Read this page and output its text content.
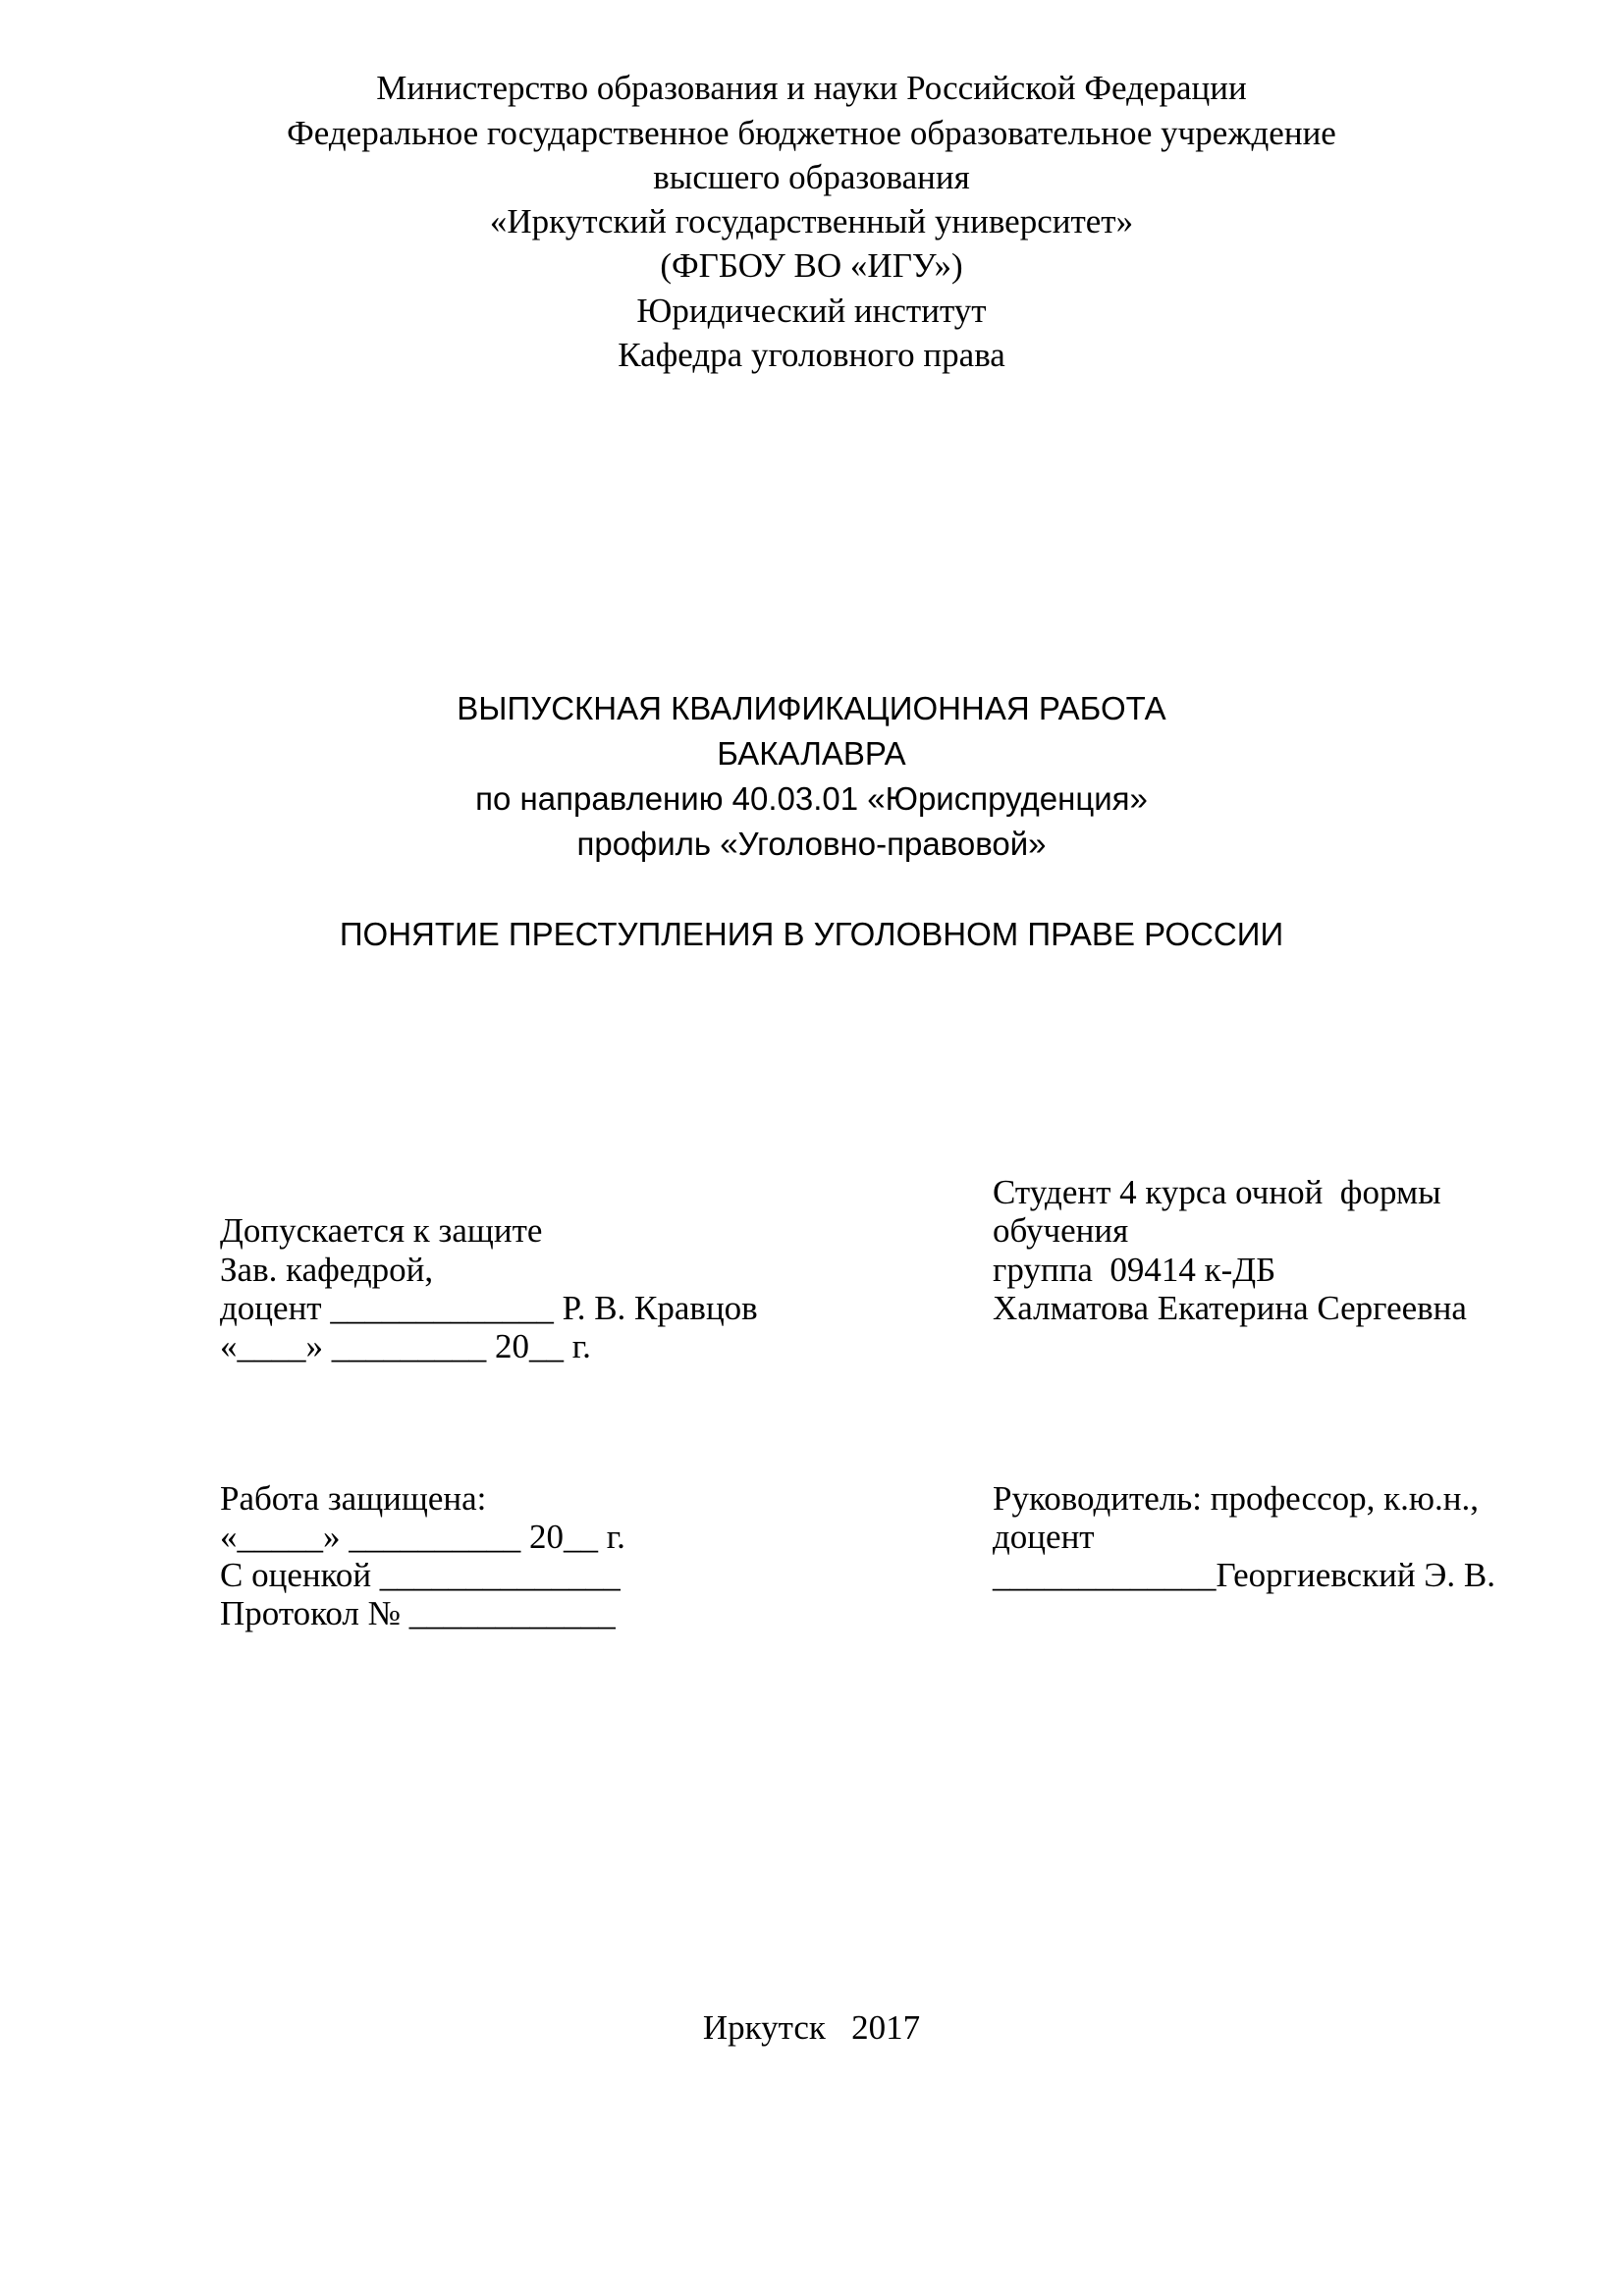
Министерство образования и науки Российской Федерации
Федеральное государственное бюджетное образовательное учреждение
высшего образования
«Иркутский государственный университет»
(ФГБОУ ВО «ИГУ»)
Юридический институт
Кафедра уголовного права
ВЫПУСКНАЯ КВАЛИФИКАЦИОННАЯ РАБОТА
БАКАЛАВРА
по направлению 40.03.01 «Юриспруденция»
профиль «Уголовно-правовой»
ПОНЯТИЕ ПРЕСТУПЛЕНИЯ В УГОЛОВНОМ ПРАВЕ РОССИИ
Допускается к защите
Зав. кафедрой,
доцент _____________ Р. В. Кравцов
«____» _________ 20__ г.
Студент 4 курса очной  формы
обучения
группа  09414 к-ДБ
Халматова Екатерина Сергеевна
Работа защищена:
«_____» __________ 20__ г.
С оценкой ______________
Протокол № ____________
Руководитель: профессор, к.ю.н.,
доцент
_____________Георгиевский Э. В.
Иркутск   2017
